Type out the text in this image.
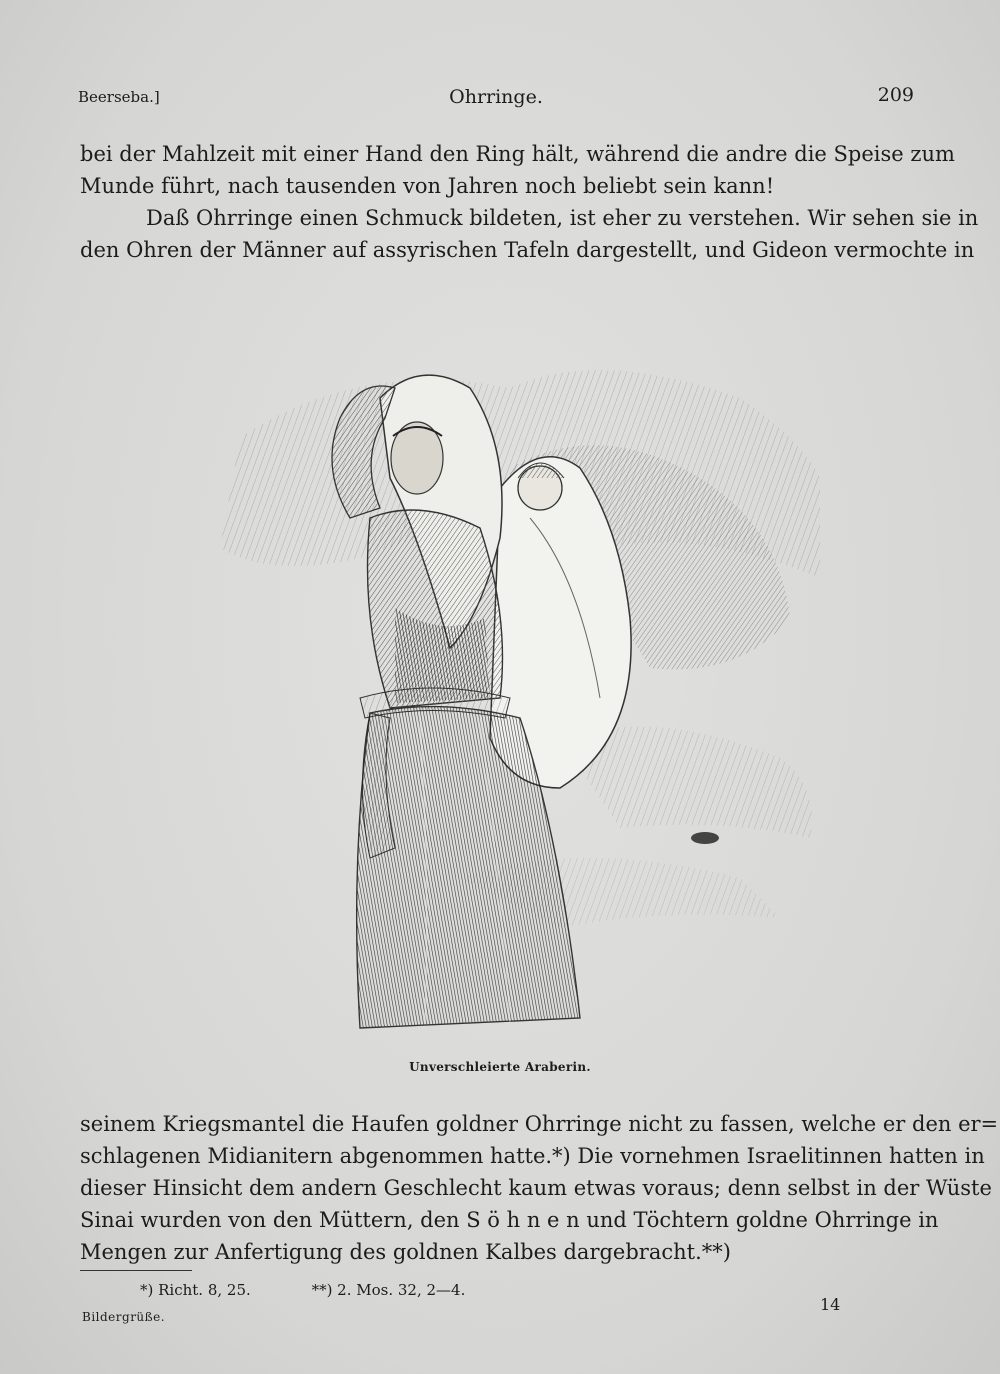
Beerseba.]	Ohrringe.	209
bei der Mahlzeit mit einer Hand den Ring hält, während die andre die Speise zum
Munde führt, nach tausenden von Jahren noch beliebt sein kann!
Daß Ohrringe einen Schmuck bildeten, ist eher zu verstehen. Wir sehen sie in
den Ohren der Männer auf assyrischen Tafeln dargestellt, und Gideon vermochte in
Unverschleierte Araberin.
seinem Kriegsmantel die Haufen goldner Ohrringe nicht zu fassen, welche er den er=
schlagenen Midianitern abgenommen hatte.*) Die vornehmen Israelitinnen hatten in
dieser Hinsicht dem andern Geschlecht kaum etwas voraus; denn selbst in der Wüste
Sinai wurden von den Müttern, den S ö h n e n und Töchtern goldne Ohrringe in
Mengen zur Anfertigung des goldnen Kalbes dargebracht.**)
*) Richt. 8, 25.	**) 2. Mos. 32, 2—4.
Bildergrüße.
14
